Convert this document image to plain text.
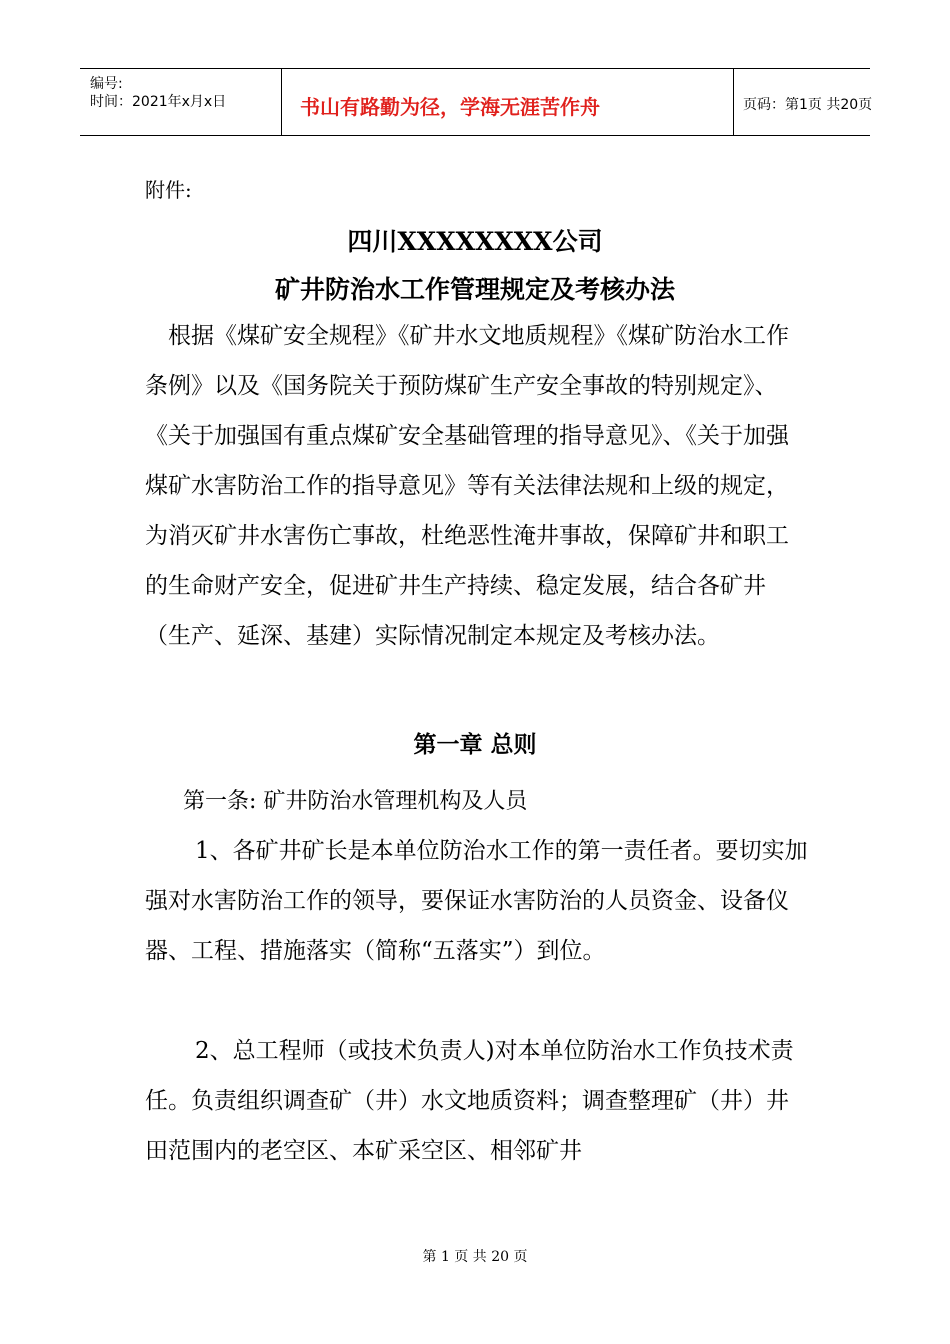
编号:
时间：2021年x月x日	书山有路勤为径，学海无涯苦作舟	页码：第1页 共20页
附件:
四川XXXXXXXX公司
矿井防治水工作管理规定及考核办法
根据《煤矿安全规程》《矿井水文地质规程》《煤矿防治水工作条例》以及《国务院关于预防煤矿生产安全事故的特别规定》、《关于加强国有重点煤矿安全基础管理的指导意见》、《关于加强煤矿水害防治工作的指导意见》等有关法律法规和上级的规定，为消灭矿井水害伤亡事故，杜绝恶性淹井事故，保障矿井和职工的生命财产安全，促进矿井生产持续、稳定发展，结合各矿井（生产、延深、基建）实际情况制定本规定及考核办法。
第一章 总则
第一条: 矿井防治水管理机构及人员
1、各矿井矿长是本单位防治水工作的第一责任者。要切实加强对水害防治工作的领导，要保证水害防治的人员资金、设备仪器、工程、措施落实（简称“五落实”）到位。
2、总工程师（或技术负责人)对本单位防治水工作负技术责任。负责组织调查矿（井）水文地质资料；调查整理矿（井）井田范围内的老空区、本矿采空区、相邻矿井
第 1 页 共 20 页
